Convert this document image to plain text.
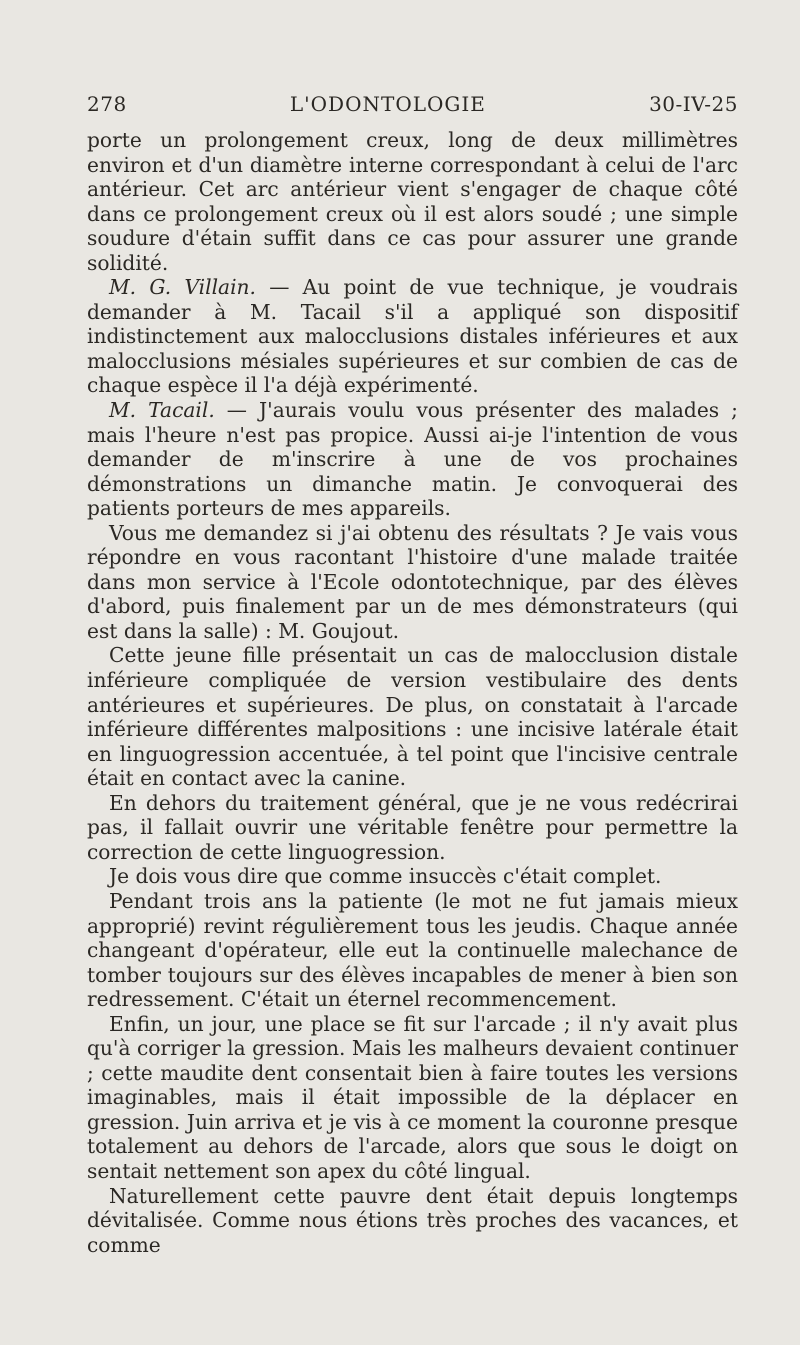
278	L'ODONTOLOGIE	30-IV-25

porte un prolongement creux, long de deux millimètres environ et d'un diamètre interne correspondant à celui de l'arc antérieur. Cet arc antérieur vient s'engager de chaque côté dans ce prolongement creux où il est alors soudé ; une simple soudure d'étain suffit dans ce cas pour assurer une grande solidité.

M. G. Villain. — Au point de vue technique, je voudrais demander à M. Tacail s'il a appliqué son dispositif indistinctement aux malocclusions distales inférieures et aux malocclusions mésiales supérieures et sur combien de cas de chaque espèce il l'a déjà expérimenté.

M. Tacail. — J'aurais voulu vous présenter des malades ; mais l'heure n'est pas propice. Aussi ai-je l'intention de vous demander de m'inscrire à une de vos prochaines démonstrations un dimanche matin. Je convoquerai des patients porteurs de mes appareils.

Vous me demandez si j'ai obtenu des résultats ? Je vais vous répondre en vous racontant l'histoire d'une malade traitée dans mon service à l'Ecole odontotechnique, par des élèves d'abord, puis finalement par un de mes démonstrateurs (qui est dans la salle) : M. Goujout.

Cette jeune fille présentait un cas de malocclusion distale inférieure compliquée de version vestibulaire des dents antérieures et supérieures. De plus, on constatait à l'arcade inférieure différentes malpositions : une incisive latérale était en linguogression accentuée, à tel point que l'incisive centrale était en contact avec la canine.

En dehors du traitement général, que je ne vous redécrirai pas, il fallait ouvrir une véritable fenêtre pour permettre la correction de cette linguogression.

Je dois vous dire que comme insuccès c'était complet.

Pendant trois ans la patiente (le mot ne fut jamais mieux approprié) revint régulièrement tous les jeudis. Chaque année changeant d'opérateur, elle eut la continuelle malechance de tomber toujours sur des élèves incapables de mener à bien son redressement. C'était un éternel recommencement.

Enfin, un jour, une place se fit sur l'arcade ; il n'y avait plus qu'à corriger la gression. Mais les malheurs devaient continuer ; cette maudite dent consentait bien à faire toutes les versions imaginables, mais il était impossible de la déplacer en gression. Juin arriva et je vis à ce moment la couronne presque totalement au dehors de l'arcade, alors que sous le doigt on sentait nettement son apex du côté lingual.

Naturellement cette pauvre dent était depuis longtemps dévitalisée. Comme nous étions très proches des vacances, et comme
